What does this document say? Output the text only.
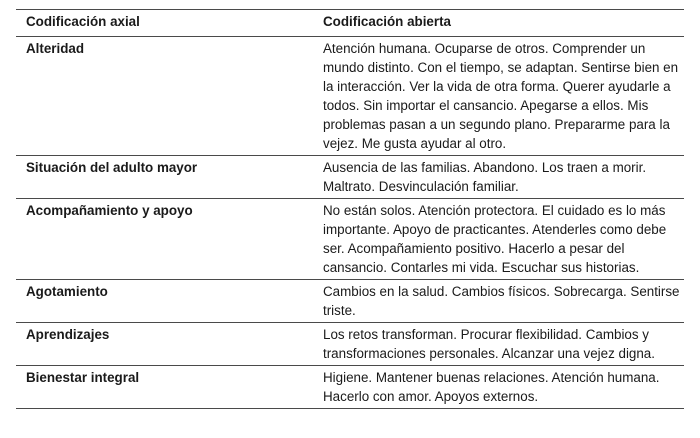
Codificación axial	Codificación abierta
Alteridad	Atención humana. Ocuparse de otros. Comprender un mundo distinto. Con el tiempo, se adaptan. Sentirse bien en la interacción. Ver la vida de otra forma. Querer ayudarle a todos. Sin importar el cansancio. Apegarse a ellos. Mis problemas pasan a un segundo plano. Prepararme para la vejez. Me gusta ayudar al otro.
Situación del adulto mayor	Ausencia de las familias. Abandono. Los traen a morir. Maltrato. Desvinculación familiar.
Acompañamiento y apoyo	No están solos. Atención protectora. El cuidado es lo más importante. Apoyo de practicantes. Atenderles como debe ser. Acompañamiento positivo. Hacerlo a pesar del cansancio. Contarles mi vida. Escuchar sus historias.
Agotamiento	Cambios en la salud. Cambios físicos. Sobrecarga. Sentirse triste.
Aprendizajes	Los retos transforman. Procurar flexibilidad. Cambios y transformaciones personales. Alcanzar una vejez digna.
Bienestar integral	Higiene. Mantener buenas relaciones. Atención humana. Hacerlo con amor. Apoyos externos.
